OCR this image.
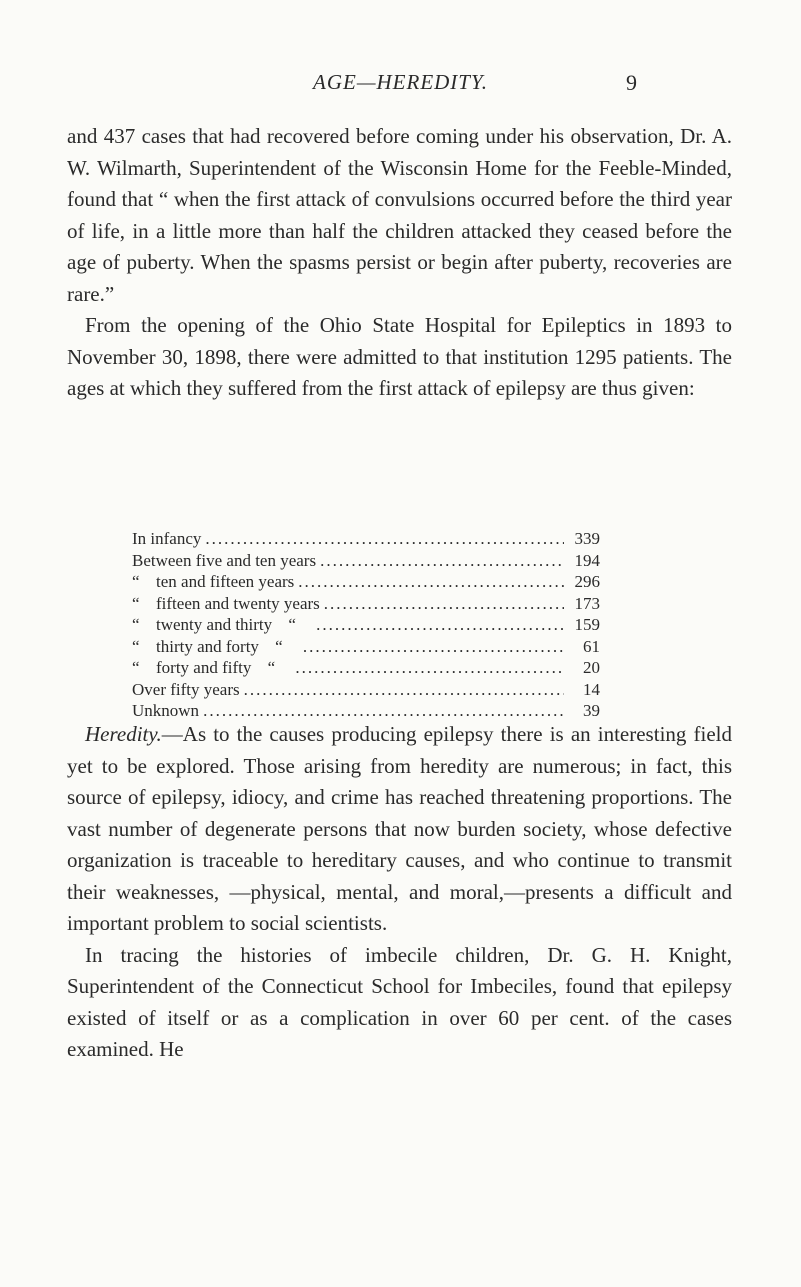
AGE—HEREDITY.	9

and 437 cases that had recovered before coming under his observation, Dr. A. W. Wilmarth, Superintendent of the Wisconsin Home for the Feeble-Minded, found that “ when the first attack of convulsions occurred before the third year of life, in a little more than half the children attacked they ceased before the age of puberty. When the spasms persist or begin after puberty, recoveries are rare.”

From the opening of the Ohio State Hospital for Epileptics in 1893 to November 30, 1898, there were admitted to that institution 1295 patients. The ages at which they suffered from the first attack of epilepsy are thus given:

In infancy .....	339
Between five and ten years .....	194
“ ten and fifteen years .....	296
“ fifteen and twenty years .....	173
“ twenty and thirty “ .....	159
“ thirty and forty “ .....	61
“ forty and fifty “ .....	20
Over fifty years .....	14
Unknown .....	39

Heredity.—As to the causes producing epilepsy there is an interesting field yet to be explored. Those arising from heredity are numerous; in fact, this source of epilepsy, idiocy, and crime has reached threatening proportions. The vast number of degenerate persons that now burden society, whose defective organization is traceable to hereditary causes, and who continue to transmit their weaknesses, —physical, mental, and moral,—presents a difficult and important problem to social scientists.

In tracing the histories of imbecile children, Dr. G. H. Knight, Superintendent of the Connecticut School for Imbeciles, found that epilepsy existed of itself or as a complication in over 60 per cent. of the cases examined. He
